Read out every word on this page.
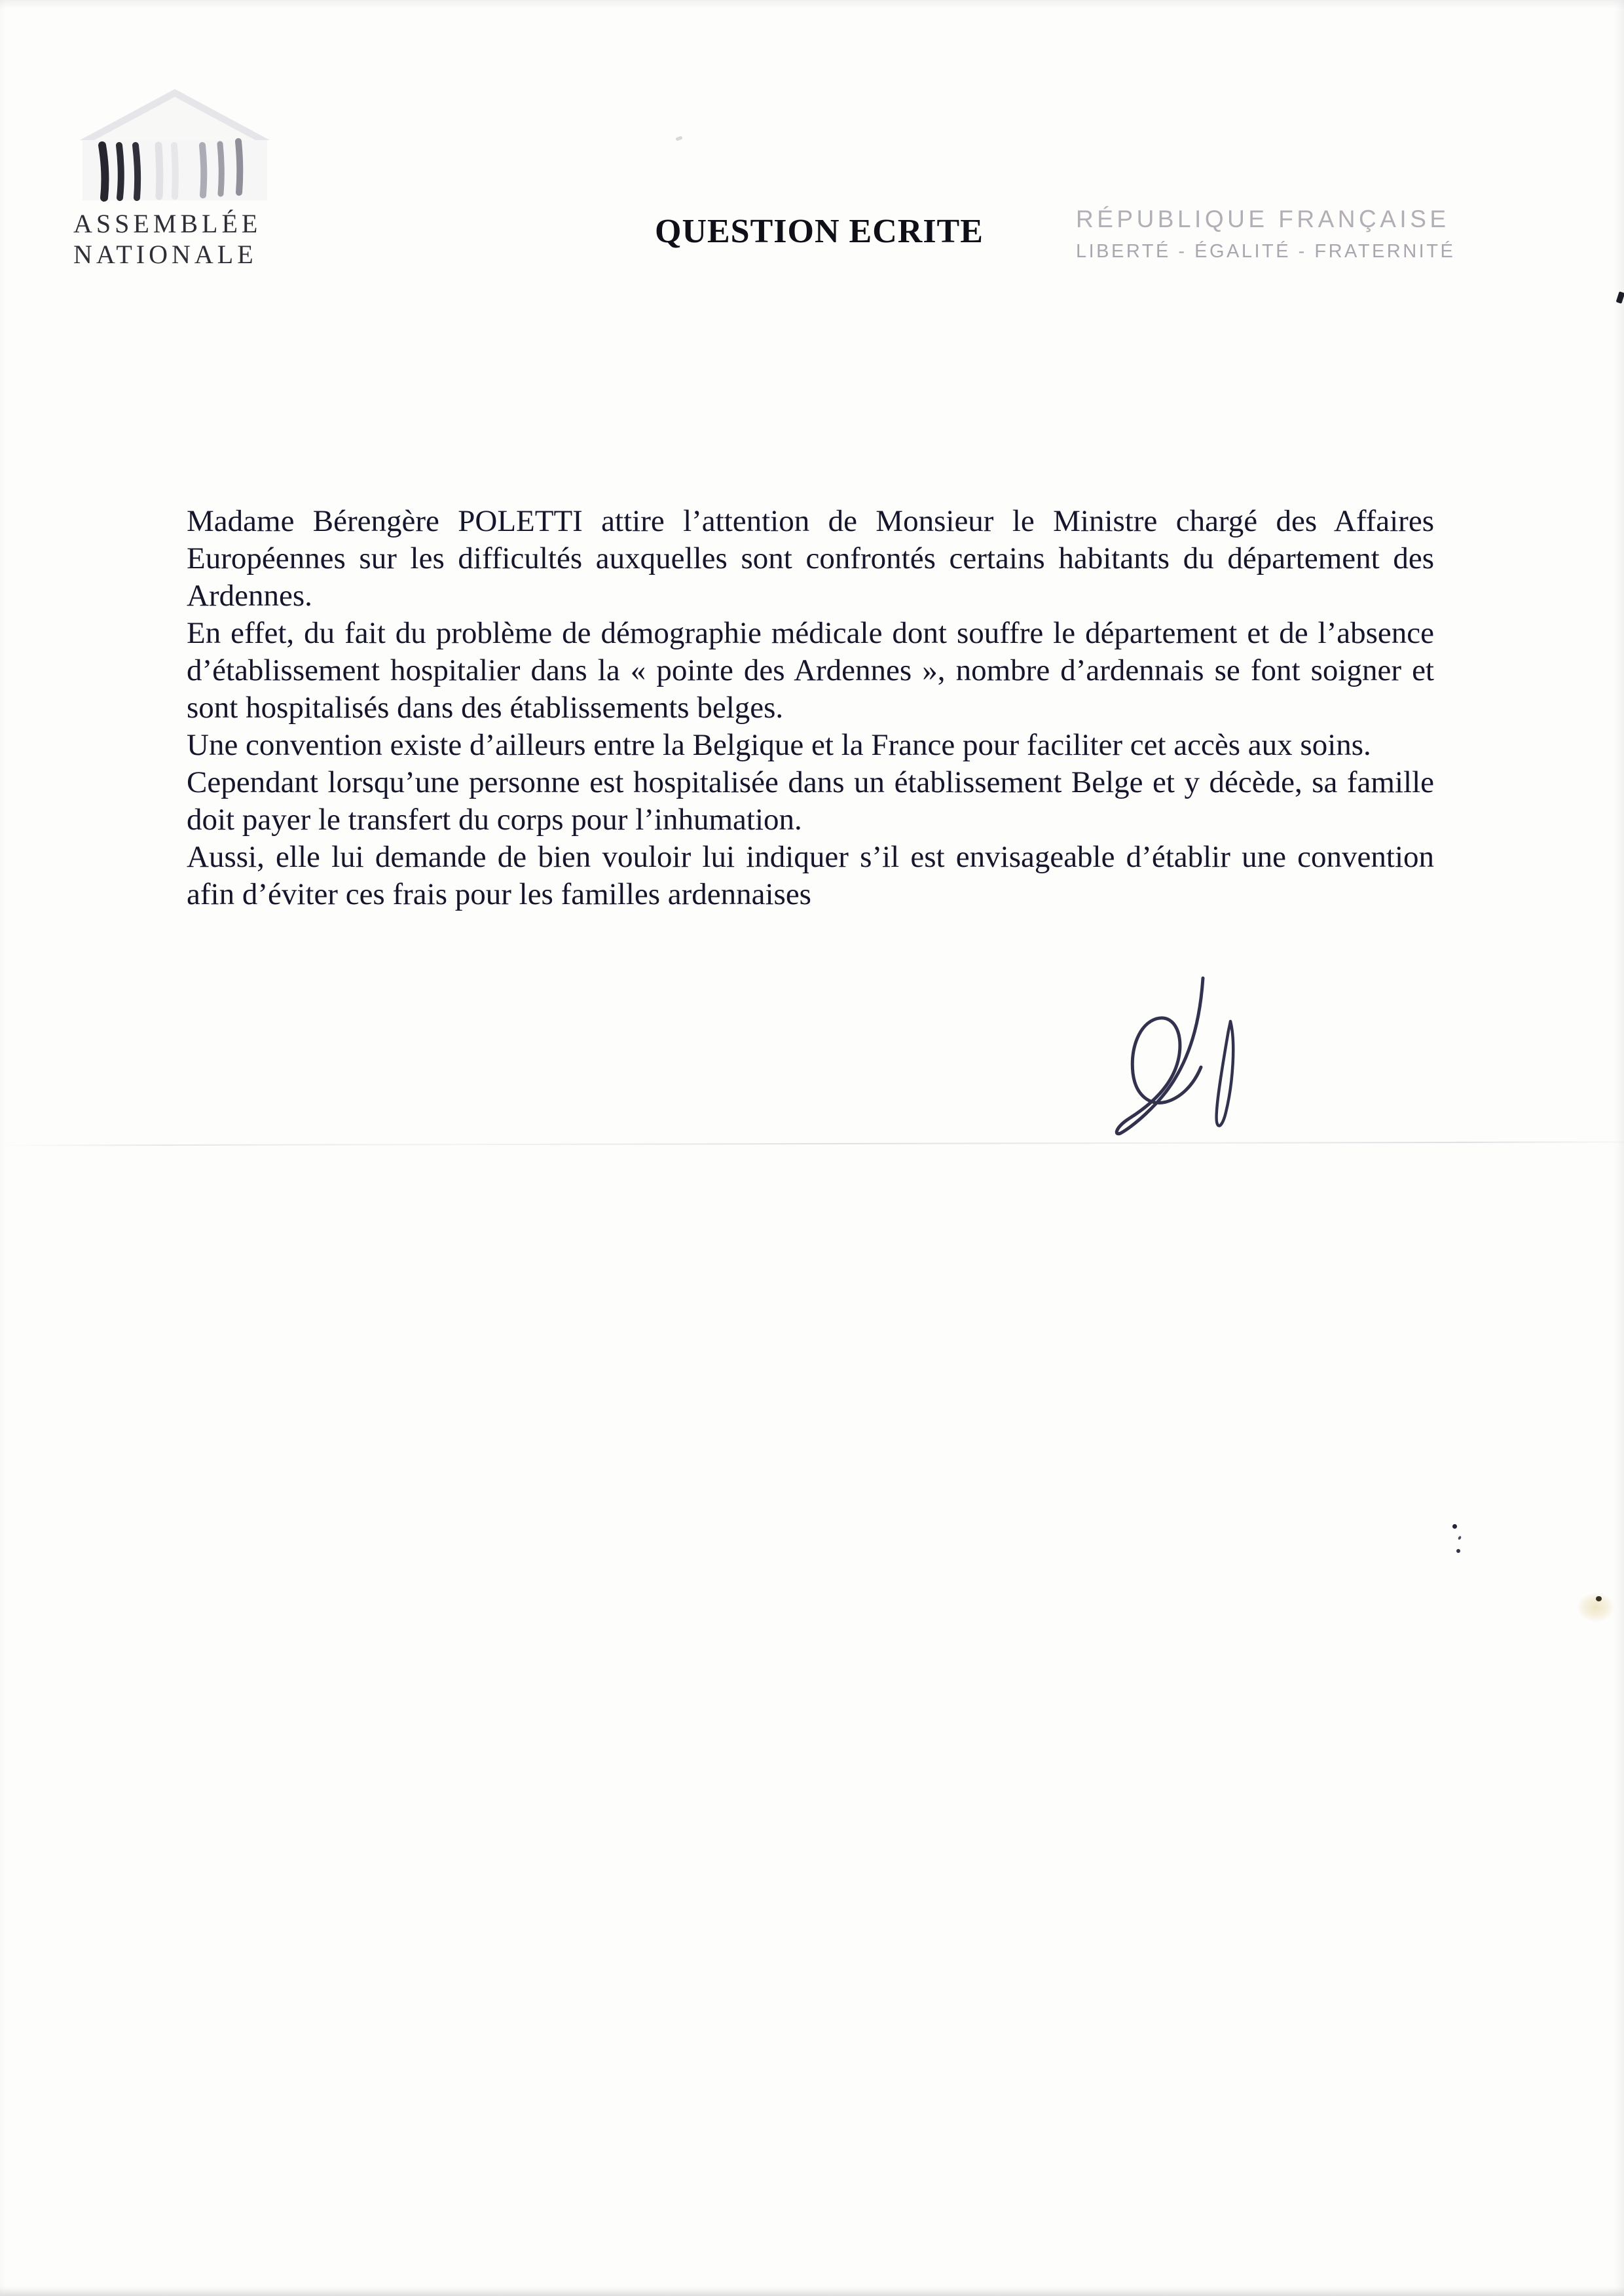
ASSEMBLÉE
NATIONALE
QUESTION ECRITE	RÉPUBLIQUE FRANÇAISE
LIBERTÉ - ÉGALITÉ - FRATERNITÉ

Madame Bérengère POLETTI attire l’attention de Monsieur le Ministre chargé des Affaires Européennes sur les difficultés auxquelles sont confrontés certains habitants du département des Ardennes.

En effet, du fait du problème de démographie médicale dont souffre le département et de l’absence d’établissement hospitalier dans la « pointe des Ardennes », nombre d’ardennais se font soigner et sont hospitalisés dans des établissements belges.

Une convention existe d’ailleurs entre la Belgique et la France pour faciliter cet accès aux soins.

Cependant lorsqu’une personne est hospitalisée dans un établissement Belge et y décède, sa famille doit payer le transfert du corps pour l’inhumation.

Aussi, elle lui demande de bien vouloir lui indiquer s’il est envisageable d’établir une convention afin d’éviter ces frais pour les familles ardennaises
